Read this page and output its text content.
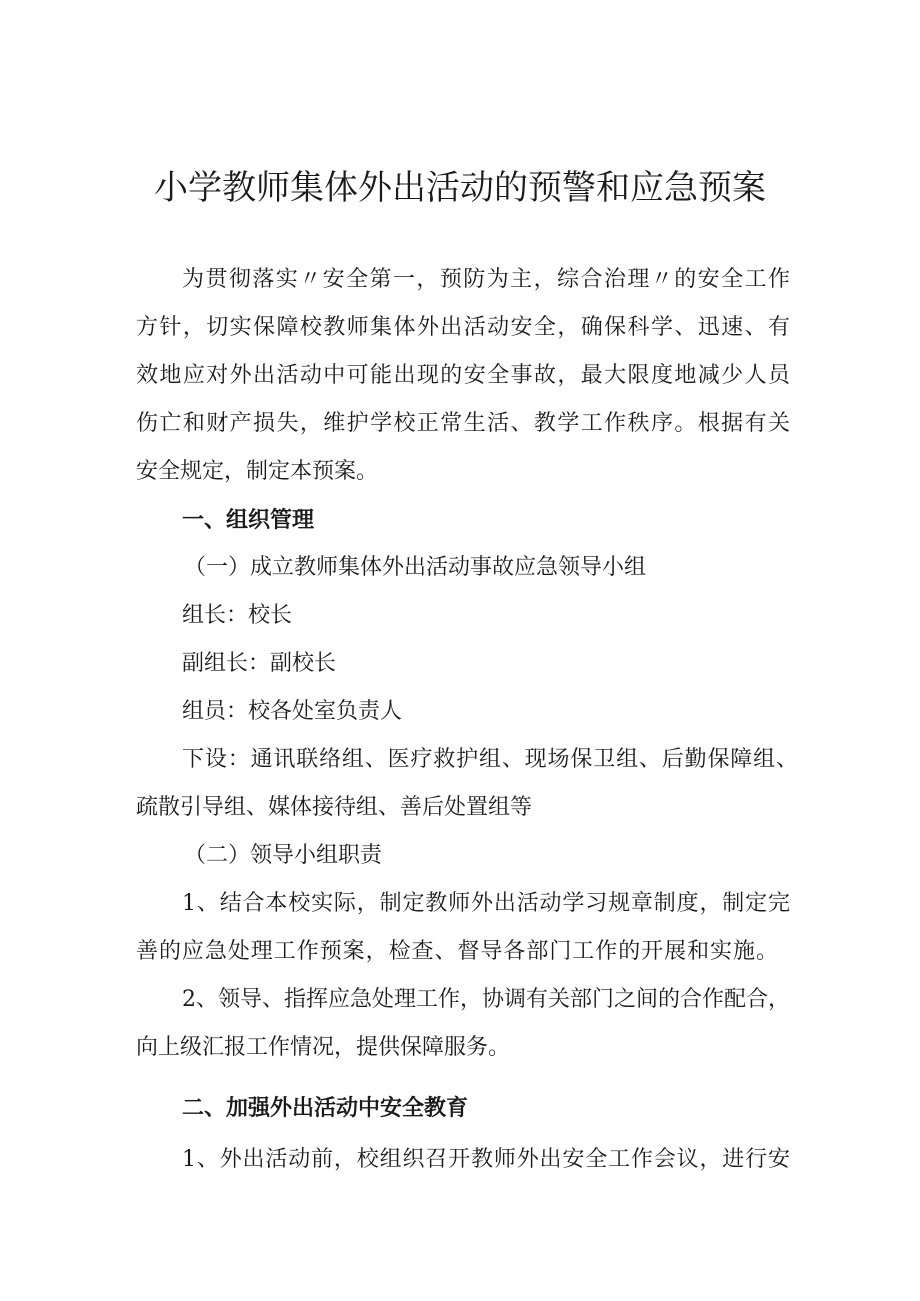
小学教师集体外出活动的预警和应急预案
为贯彻落实〃安全第一，预防为主，综合治理〃的安全工作
方针，切实保障校教师集体外出活动安全，确保科学、迅速、有
效地应对外出活动中可能出现的安全事故，最大限度地减少人员
伤亡和财产损失，维护学校正常生活、教学工作秩序。根据有关
安全规定，制定本预案。
一、组织管理
（一）成立教师集体外出活动事故应急领导小组
组长：校长
副组长：副校长
组员：校各处室负责人
下设：通讯联络组、医疗救护组、现场保卫组、后勤保障组、
疏散引导组、媒体接待组、善后处置组等
（二）领导小组职责
1、结合本校实际，制定教师外出活动学习规章制度，制定完
善的应急处理工作预案，检查、督导各部门工作的开展和实施。
2、领导、指挥应急处理工作，协调有关部门之间的合作配合，
向上级汇报工作情况，提供保障服务。
二、加强外出活动中安全教育
1、外出活动前，校组织召开教师外出安全工作会议，进行安
